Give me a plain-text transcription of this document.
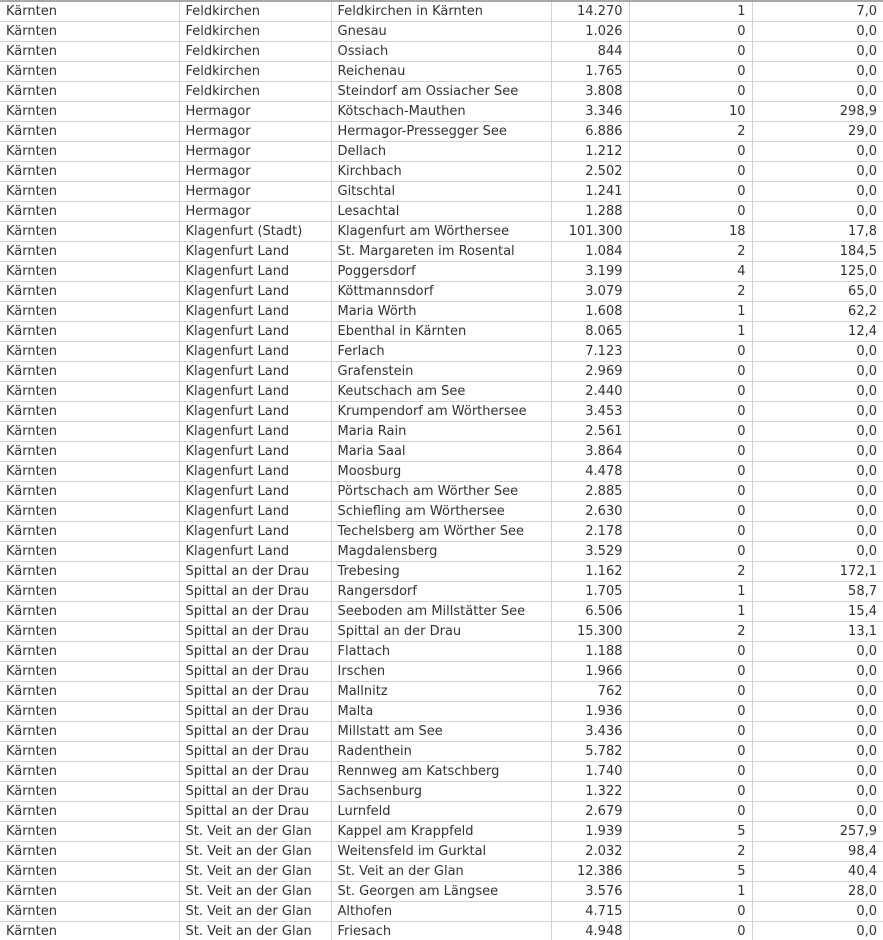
Kärnten	Feldkirchen	Feldkirchen in Kärnten	14.270	1	7,0
Kärnten	Feldkirchen	Gnesau	1.026	0	0,0
Kärnten	Feldkirchen	Ossiach	844	0	0,0
Kärnten	Feldkirchen	Reichenau	1.765	0	0,0
Kärnten	Feldkirchen	Steindorf am Ossiacher See	3.808	0	0,0
Kärnten	Hermagor	Kötschach-Mauthen	3.346	10	298,9
Kärnten	Hermagor	Hermagor-Pressegger See	6.886	2	29,0
Kärnten	Hermagor	Dellach	1.212	0	0,0
Kärnten	Hermagor	Kirchbach	2.502	0	0,0
Kärnten	Hermagor	Gitschtal	1.241	0	0,0
Kärnten	Hermagor	Lesachtal	1.288	0	0,0
Kärnten	Klagenfurt (Stadt)	Klagenfurt am Wörthersee	101.300	18	17,8
Kärnten	Klagenfurt Land	St. Margareten im Rosental	1.084	2	184,5
Kärnten	Klagenfurt Land	Poggersdorf	3.199	4	125,0
Kärnten	Klagenfurt Land	Köttmannsdorf	3.079	2	65,0
Kärnten	Klagenfurt Land	Maria Wörth	1.608	1	62,2
Kärnten	Klagenfurt Land	Ebenthal in Kärnten	8.065	1	12,4
Kärnten	Klagenfurt Land	Ferlach	7.123	0	0,0
Kärnten	Klagenfurt Land	Grafenstein	2.969	0	0,0
Kärnten	Klagenfurt Land	Keutschach am See	2.440	0	0,0
Kärnten	Klagenfurt Land	Krumpendorf am Wörthersee	3.453	0	0,0
Kärnten	Klagenfurt Land	Maria Rain	2.561	0	0,0
Kärnten	Klagenfurt Land	Maria Saal	3.864	0	0,0
Kärnten	Klagenfurt Land	Moosburg	4.478	0	0,0
Kärnten	Klagenfurt Land	Pörtschach am Wörther See	2.885	0	0,0
Kärnten	Klagenfurt Land	Schiefling am Wörthersee	2.630	0	0,0
Kärnten	Klagenfurt Land	Techelsberg am Wörther See	2.178	0	0,0
Kärnten	Klagenfurt Land	Magdalensberg	3.529	0	0,0
Kärnten	Spittal an der Drau	Trebesing	1.162	2	172,1
Kärnten	Spittal an der Drau	Rangersdorf	1.705	1	58,7
Kärnten	Spittal an der Drau	Seeboden am Millstätter See	6.506	1	15,4
Kärnten	Spittal an der Drau	Spittal an der Drau	15.300	2	13,1
Kärnten	Spittal an der Drau	Flattach	1.188	0	0,0
Kärnten	Spittal an der Drau	Irschen	1.966	0	0,0
Kärnten	Spittal an der Drau	Mallnitz	762	0	0,0
Kärnten	Spittal an der Drau	Malta	1.936	0	0,0
Kärnten	Spittal an der Drau	Millstatt am See	3.436	0	0,0
Kärnten	Spittal an der Drau	Radenthein	5.782	0	0,0
Kärnten	Spittal an der Drau	Rennweg am Katschberg	1.740	0	0,0
Kärnten	Spittal an der Drau	Sachsenburg	1.322	0	0,0
Kärnten	Spittal an der Drau	Lurnfeld	2.679	0	0,0
Kärnten	St. Veit an der Glan	Kappel am Krappfeld	1.939	5	257,9
Kärnten	St. Veit an der Glan	Weitensfeld im Gurktal	2.032	2	98,4
Kärnten	St. Veit an der Glan	St. Veit an der Glan	12.386	5	40,4
Kärnten	St. Veit an der Glan	St. Georgen am Längsee	3.576	1	28,0
Kärnten	St. Veit an der Glan	Althofen	4.715	0	0,0
Kärnten	St. Veit an der Glan	Friesach	4.948	0	0,0
